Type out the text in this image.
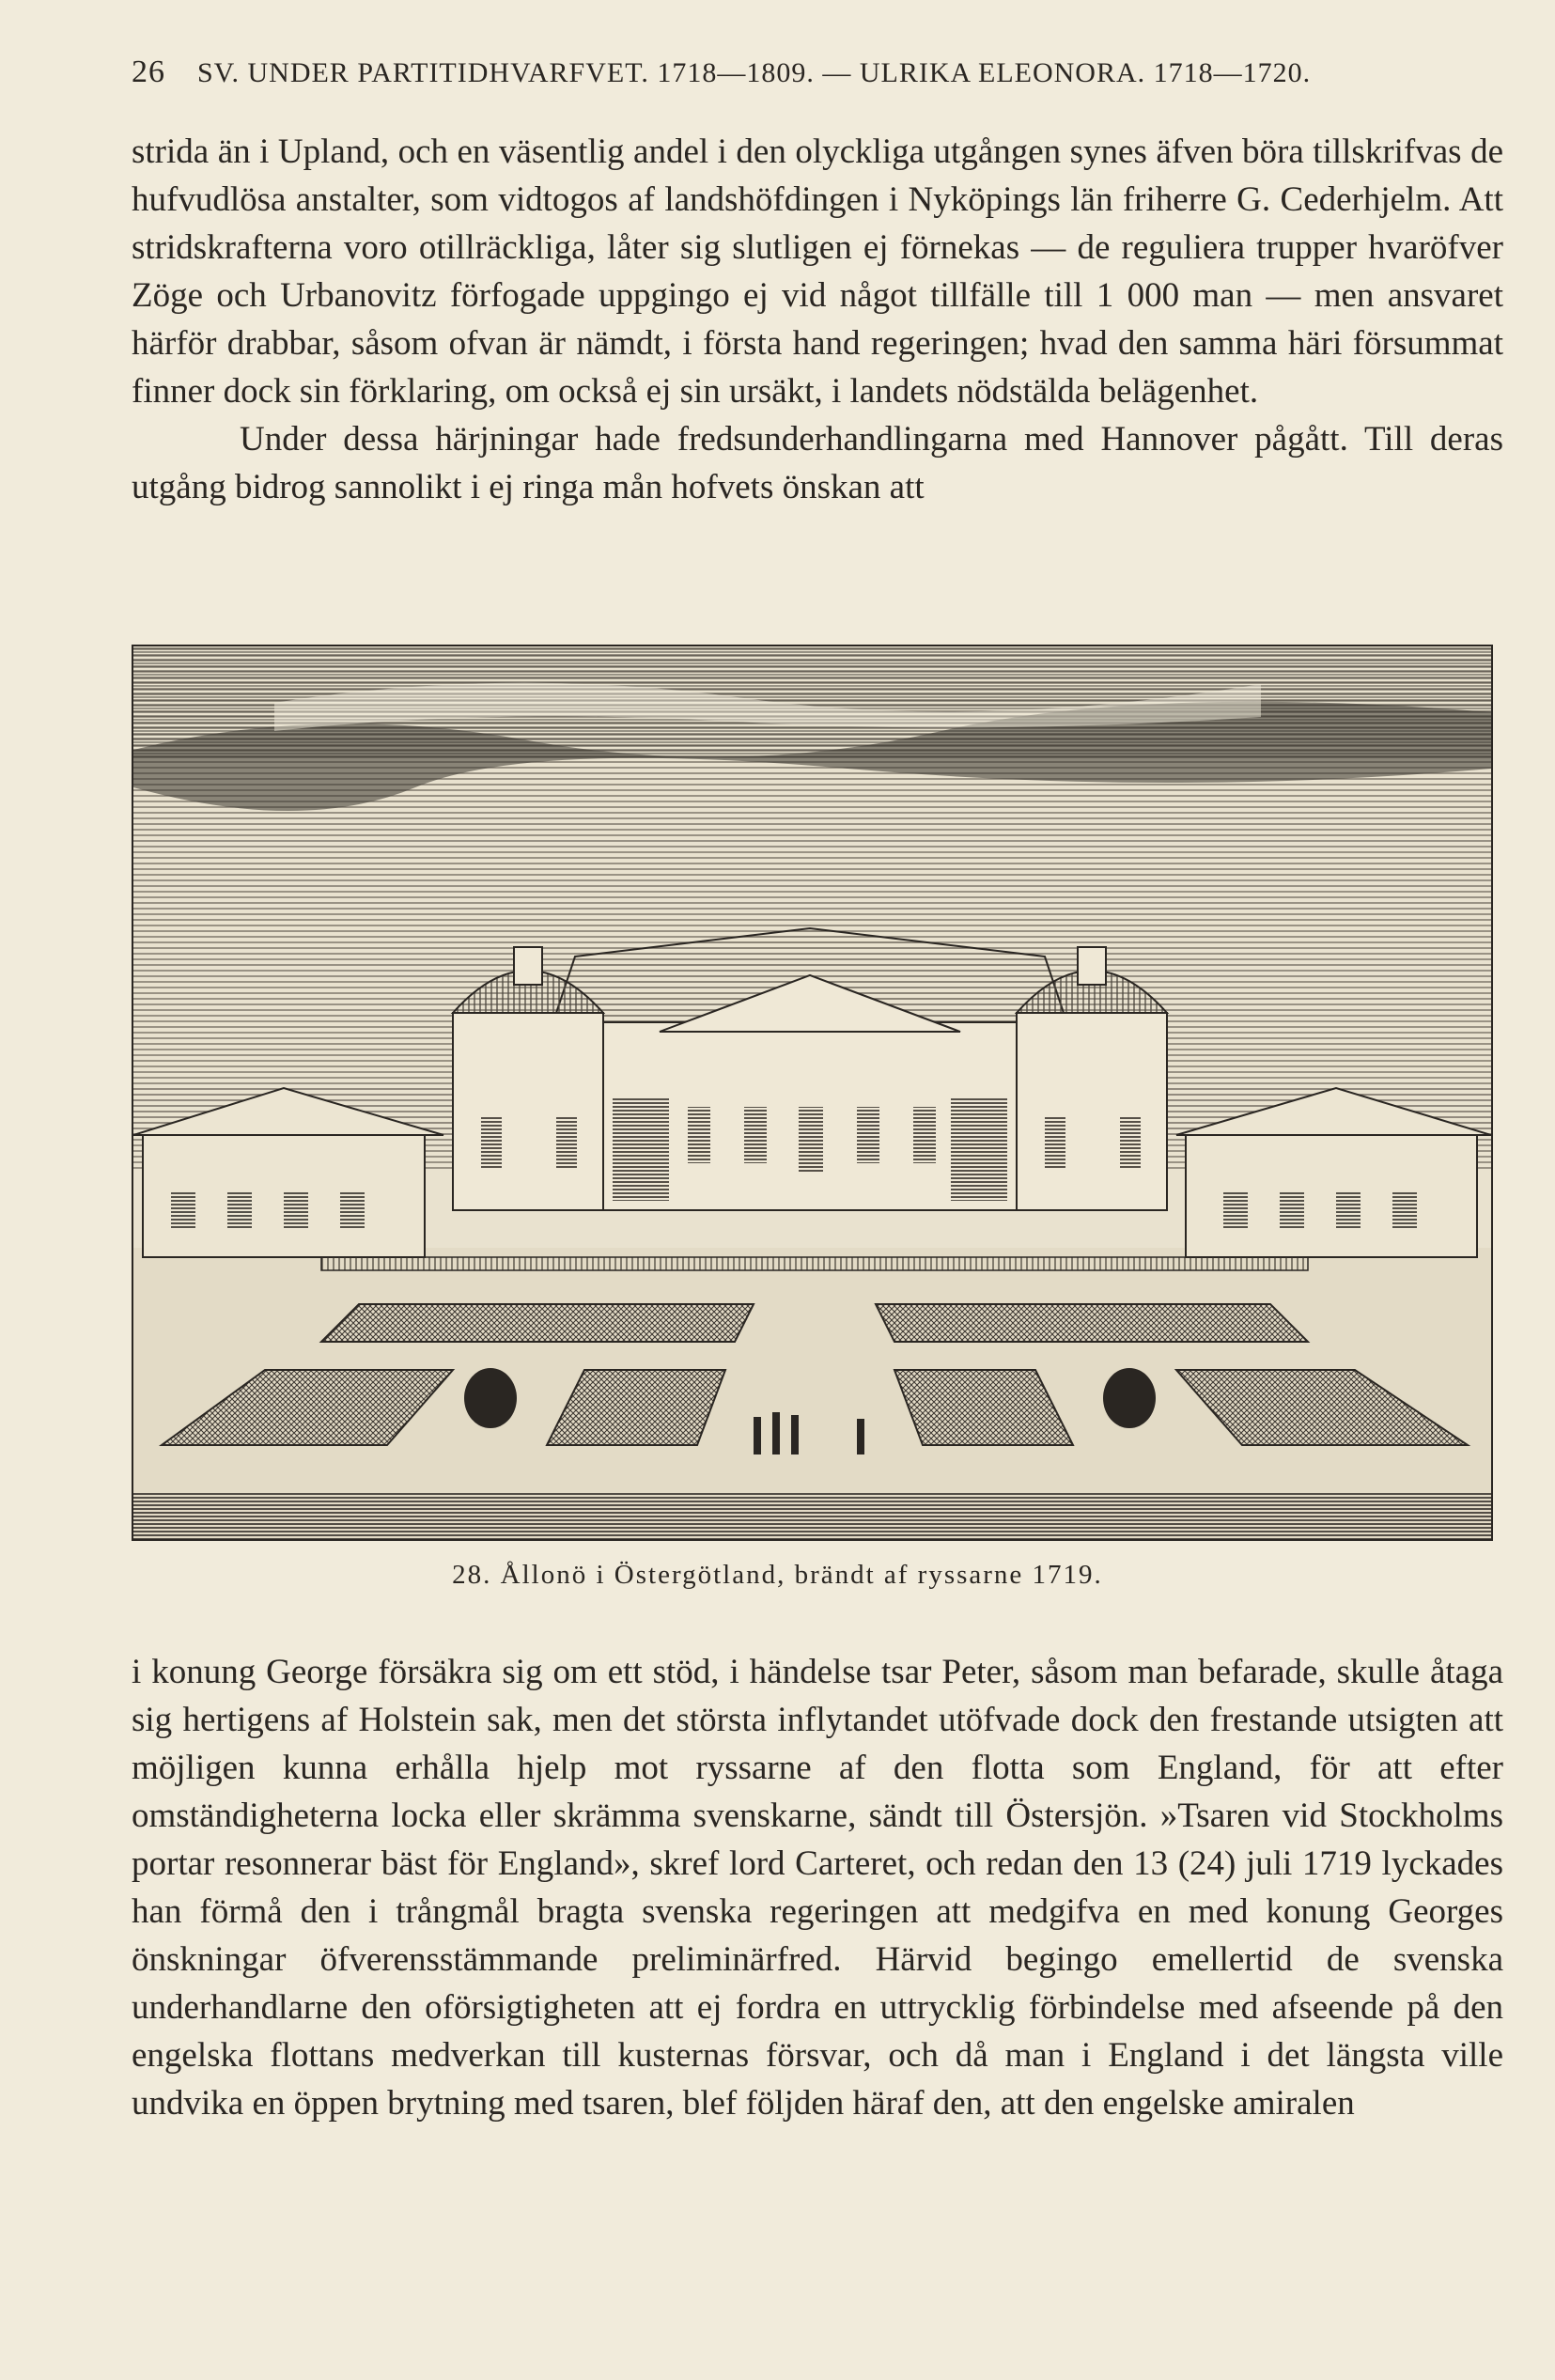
26 SV. UNDER PARTITIDHVARFVET. 1718—1809. — ULRIKA ELEONORA. 1718—1720.

strida än i Upland, och en väsentlig andel i den olyckliga utgången synes äfven böra tillskrifvas de hufvudlösa anstalter, som vidtogos af landshöfdingen i Nyköpings län friherre G. Cederhjelm. Att stridskrafterna voro otillräckliga, låter sig slutligen ej förnekas — de reguliera trupper hvaröfver Zöge och Urbanovitz förfogade uppgingo ej vid något tillfälle till 1 000 man — men ansvaret härför drabbar, såsom ofvan är nämdt, i första hand regeringen; hvad den samma häri försummat finner dock sin förklaring, om också ej sin ursäkt, i landets nödstälda belägenhet.

Under dessa härjningar hade fredsunderhandlingarna med Hannover pågått. Till deras utgång bidrog sannolikt i ej ringa mån hofvets önskan att

28. Ållonö i Östergötland, brändt af ryssarne 1719.

i konung George försäkra sig om ett stöd, i händelse tsar Peter, såsom man befarade, skulle åtaga sig hertigens af Holstein sak, men det största inflytandet utöfvade dock den frestande utsigten att möjligen kunna erhålla hjelp mot ryssarne af den flotta som England, för att efter omständigheterna locka eller skrämma svenskarne, sändt till Östersjön. »Tsaren vid Stockholms portar resonnerar bäst för England», skref lord Carteret, och redan den 13 (24) juli 1719 lyckades han förmå den i trångmål bragta svenska regeringen att medgifva en med konung Georges önskningar öfverensstämmande preliminärfred. Härvid begingo emellertid de svenska underhandlarne den oförsigtigheten att ej fordra en uttrycklig förbindelse med afseende på den engelska flottans medverkan till kusternas försvar, och då man i England i det längsta ville undvika en öppen brytning med tsaren, blef följden häraf den, att den engelske amiralen
